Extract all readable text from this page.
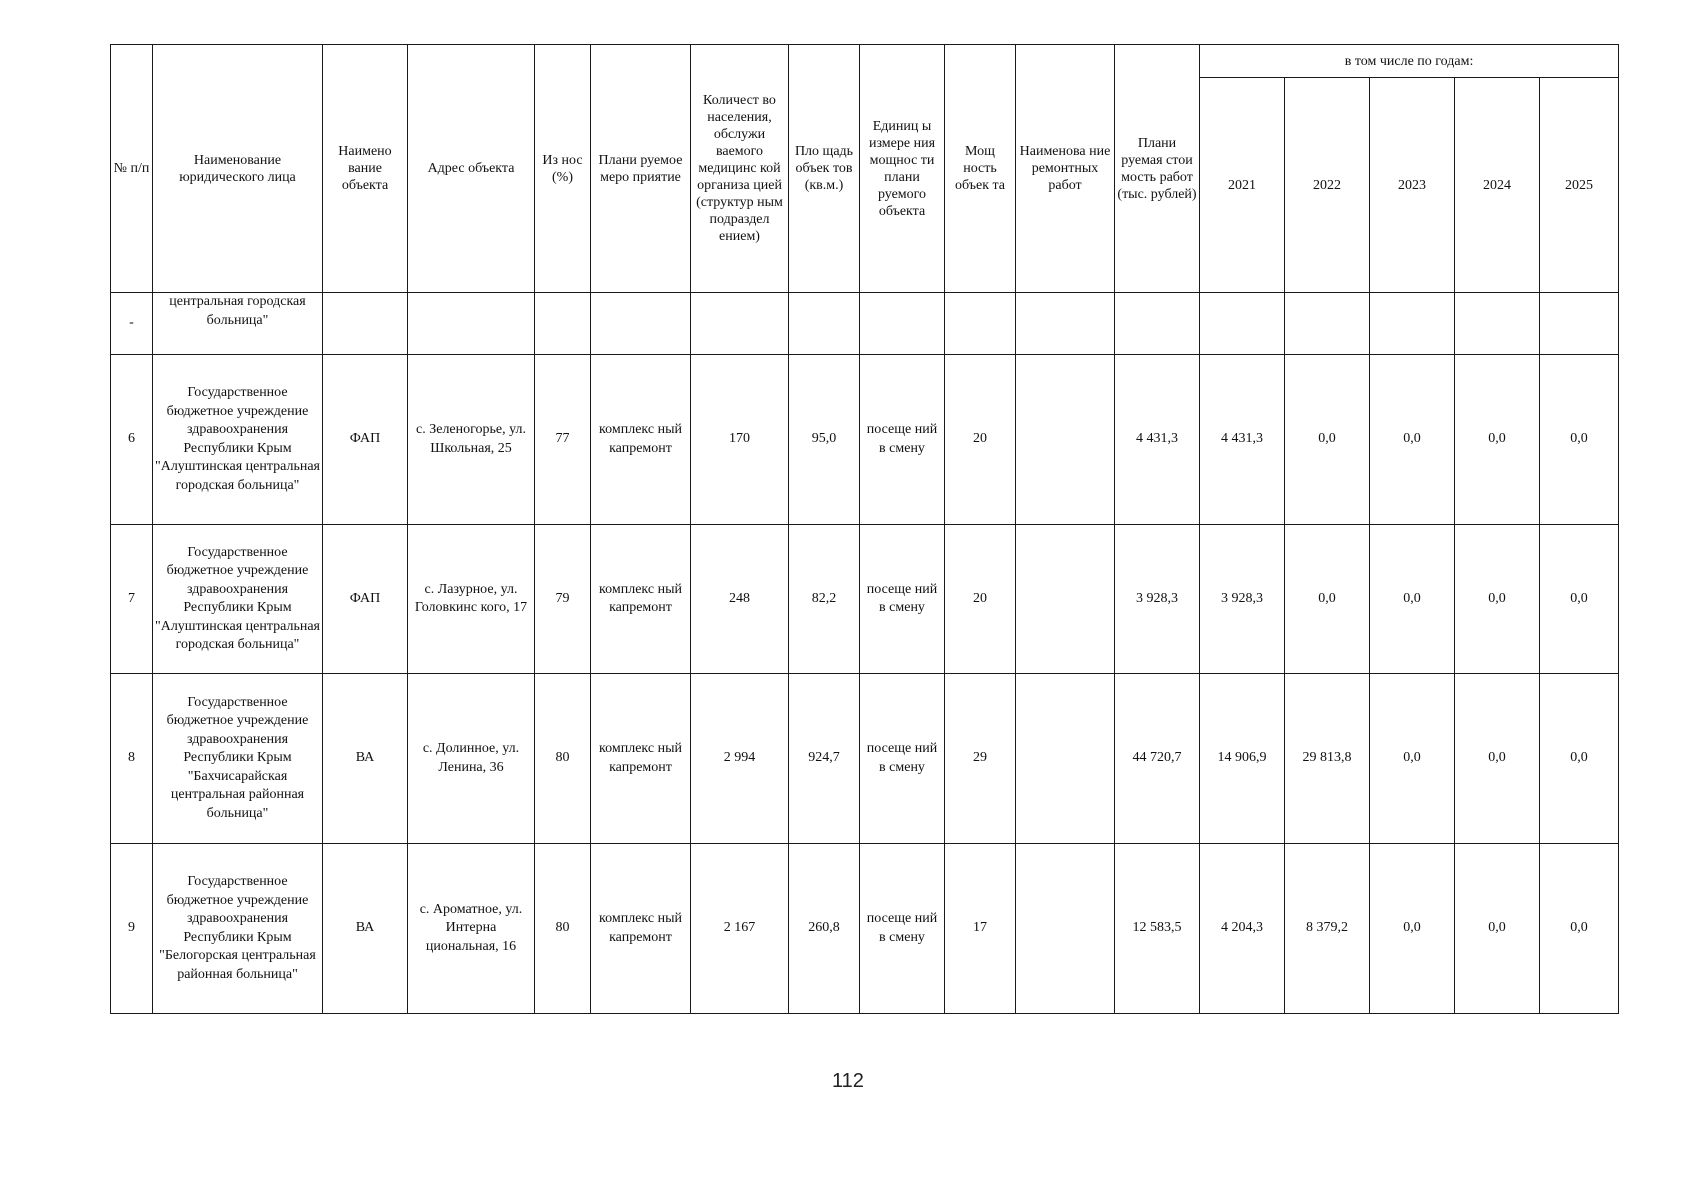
№ п/п	Наименование юридического лица	Наимено вание объекта	Адрес объекта	Из нос (%)	Плани руемое меро приятие	Количест во населения, обслужи ваемого медицинс кой организа цией (структур ным подраздел ением)	Пло щадь объек тов (кв.м.)	Единиц ы измере ния мощнос ти плани руемого объекта	Мощ ность объек та	Наименова ние ремонтных работ	Плани руемая стои мость работ (тыс. рублей)	в том числе по годам:				
												2021	2022	2023	2024	2025
-	центральная городская больница"															
6	Государственное бюджетное учреждение здравоохранения Республики Крым "Алуштинская центральная городская больница"	ФАП	с. Зеленогорье, ул. Школьная, 25	77	комплекс ный капремонт	170	95,0	посеще ний в смену	20		4 431,3	4 431,3	0,0	0,0	0,0	0,0
7	Государственное бюджетное учреждение здравоохранения Республики Крым "Алуштинская центральная городская больница"	ФАП	с. Лазурное, ул. Головкинс кого, 17	79	комплекс ный капремонт	248	82,2	посеще ний в смену	20		3 928,3	3 928,3	0,0	0,0	0,0	0,0
8	Государственное бюджетное учреждение здравоохранения Республики Крым "Бахчисарайская центральная районная больница"	ВА	с. Долинное, ул. Ленина, 36	80	комплекс ный капремонт	2 994	924,7	посеще ний в смену	29		44 720,7	14 906,9	29 813,8	0,0	0,0	0,0
9	Государственное бюджетное учреждение здравоохранения Республики Крым "Белогорская центральная районная больница"	ВА	с. Ароматное, ул. Интерна циональная, 16	80	комплекс ный капремонт	2 167	260,8	посеще ний в смену	17		12 583,5	4 204,3	8 379,2	0,0	0,0	0,0
112
